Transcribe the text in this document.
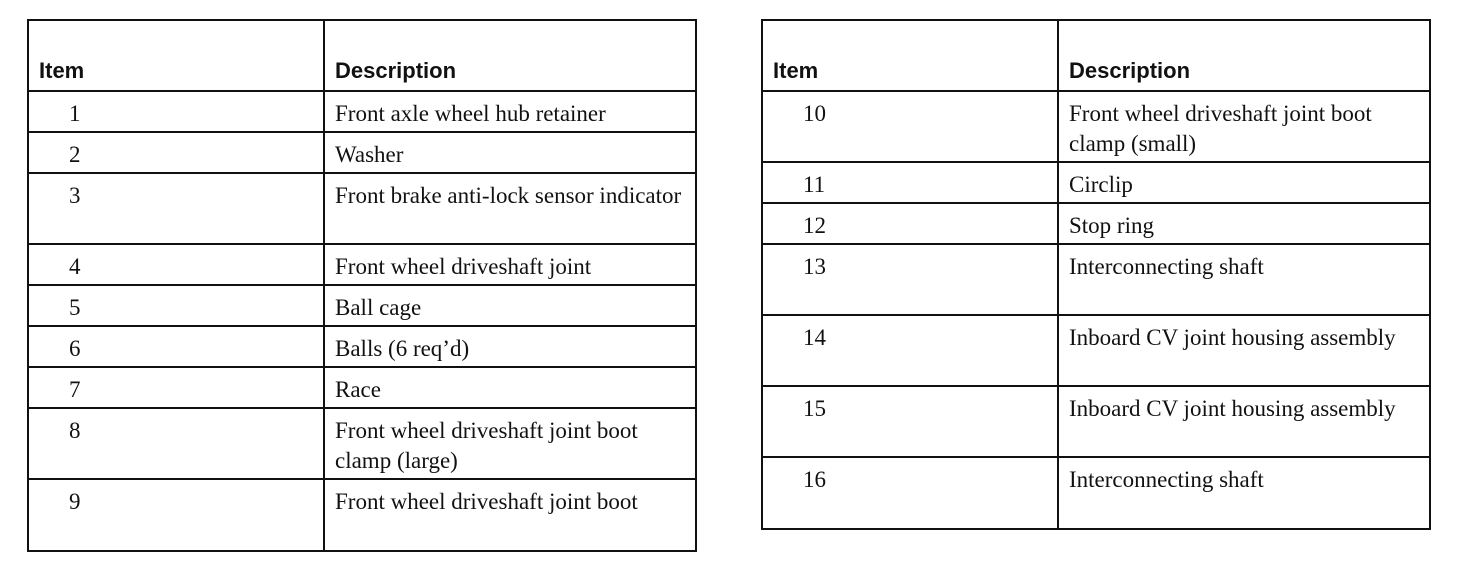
Item	Description
1	Front axle wheel hub retainer
2	Washer
3	Front brake anti-lock sensor indicator
4	Front wheel driveshaft joint
5	Ball cage
6	Balls (6 req’d)
7	Race
8	Front wheel driveshaft joint boot clamp (large)
9	Front wheel driveshaft joint boot
Item	Description
10	Front wheel driveshaft joint boot clamp (small)
11	Circlip
12	Stop ring
13	Interconnecting shaft
14	Inboard CV joint housing assembly
15	Inboard CV joint housing assembly
16	Interconnecting shaft
